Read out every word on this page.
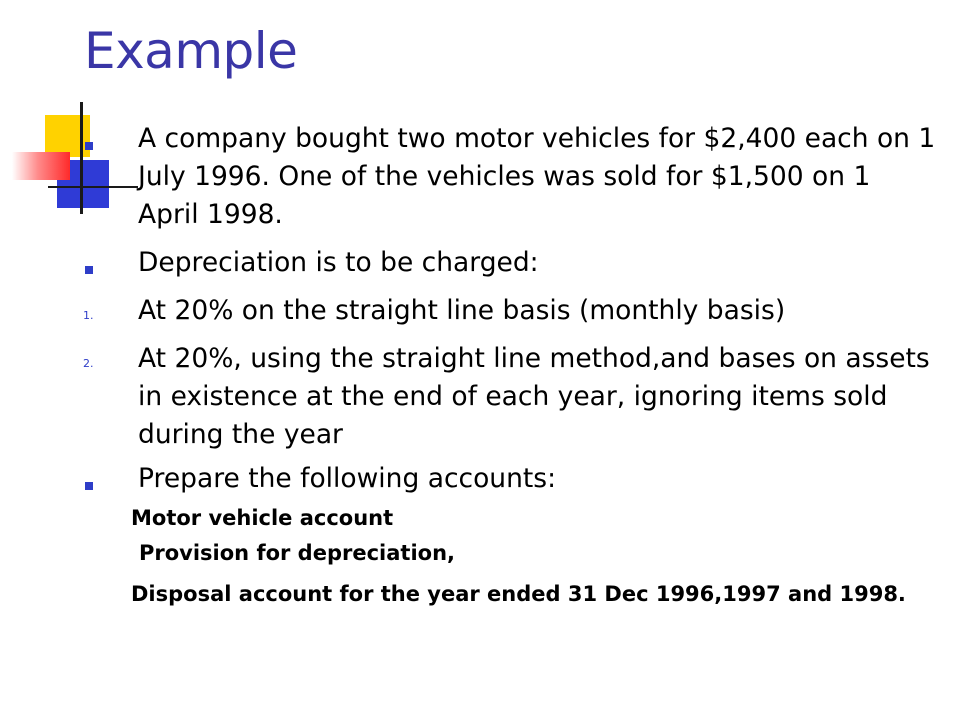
Example
A company bought two motor vehicles for $2,400 each on 1 July 1996. One of the vehicles was sold for $1,500 on 1 April 1998.
Depreciation is to be charged:
1. At 20% on the straight line basis (monthly basis)
2. At 20%, using the straight line method,and bases on assets in existence at the end of each year, ignoring items sold during the year
Prepare the following accounts:
Motor vehicle account
Provision for depreciation,
Disposal account for the year ended 31 Dec 1996,1997 and 1998.
